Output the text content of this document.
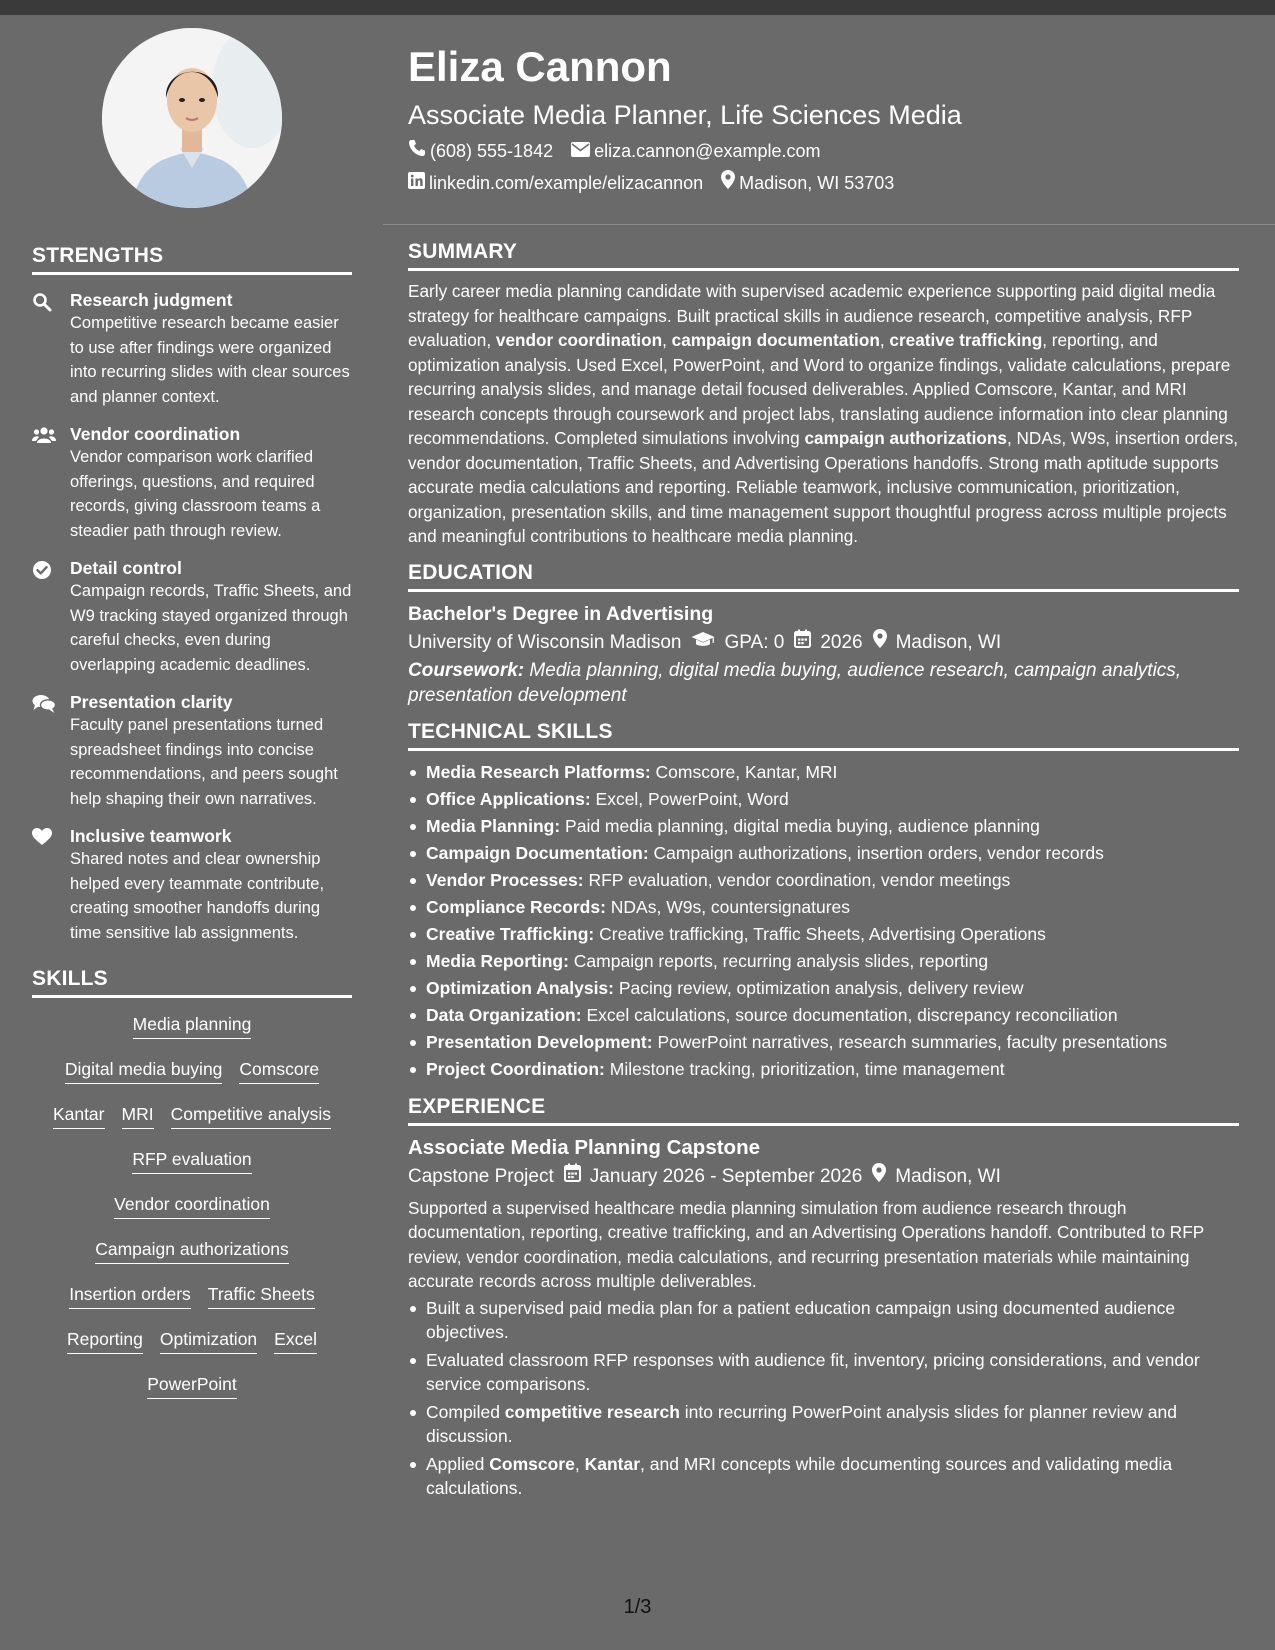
STRENGTHS
Research judgment
Competitive research became easier to use after findings were organized into recurring slides with clear sources and planner context.
Vendor coordination
Vendor comparison work clarified offerings, questions, and required records, giving classroom teams a steadier path through review.
Detail control
Campaign records, Traffic Sheets, and W9 tracking stayed organized through careful checks, even during overlapping academic deadlines.
Presentation clarity
Faculty panel presentations turned spreadsheet findings into concise recommendations, and peers sought help shaping their own narratives.
Inclusive teamwork
Shared notes and clear ownership helped every teammate contribute, creating smoother handoffs during time sensitive lab assignments.
SKILLS
Media planning
Digital media buying Comscore
Kantar MRI Competitive analysis
RFP evaluation
Vendor coordination
Campaign authorizations
Insertion orders Traffic Sheets
Reporting Optimization Excel
PowerPoint
Eliza Cannon
Associate Media Planner, Life Sciences Media
(608) 555-1842 eliza.cannon@example.com
linkedin.com/example/elizacannon Madison, WI 53703
SUMMARY
Early career media planning candidate with supervised academic experience supporting paid digital media strategy for healthcare campaigns. Built practical skills in audience research, competitive analysis, RFP evaluation, vendor coordination, campaign documentation, creative trafficking, reporting, and optimization analysis. Used Excel, PowerPoint, and Word to organize findings, validate calculations, prepare recurring analysis slides, and manage detail focused deliverables. Applied Comscore, Kantar, and MRI research concepts through coursework and project labs, translating audience information into clear planning recommendations. Completed simulations involving campaign authorizations, NDAs, W9s, insertion orders, vendor documentation, Traffic Sheets, and Advertising Operations handoffs. Strong math aptitude supports accurate media calculations and reporting. Reliable teamwork, inclusive communication, prioritization, organization, presentation skills, and time management support thoughtful progress across multiple projects and meaningful contributions to healthcare media planning.
EDUCATION
Bachelor's Degree in Advertising
University of Wisconsin Madison GPA: 0 2026 Madison, WI
Coursework: Media planning, digital media buying, audience research, campaign analytics, presentation development
TECHNICAL SKILLS
Media Research Platforms: Comscore, Kantar, MRI
Office Applications: Excel, PowerPoint, Word
Media Planning: Paid media planning, digital media buying, audience planning
Campaign Documentation: Campaign authorizations, insertion orders, vendor records
Vendor Processes: RFP evaluation, vendor coordination, vendor meetings
Compliance Records: NDAs, W9s, countersignatures
Creative Trafficking: Creative trafficking, Traffic Sheets, Advertising Operations
Media Reporting: Campaign reports, recurring analysis slides, reporting
Optimization Analysis: Pacing review, optimization analysis, delivery review
Data Organization: Excel calculations, source documentation, discrepancy reconciliation
Presentation Development: PowerPoint narratives, research summaries, faculty presentations
Project Coordination: Milestone tracking, prioritization, time management
EXPERIENCE
Associate Media Planning Capstone
Capstone Project January 2026 - September 2026 Madison, WI
Supported a supervised healthcare media planning simulation from audience research through documentation, reporting, creative trafficking, and an Advertising Operations handoff. Contributed to RFP review, vendor coordination, media calculations, and recurring presentation materials while maintaining accurate records across multiple deliverables.
Built a supervised paid media plan for a patient education campaign using documented audience objectives.
Evaluated classroom RFP responses with audience fit, inventory, pricing considerations, and vendor service comparisons.
Compiled competitive research into recurring PowerPoint analysis slides for planner review and discussion.
Applied Comscore, Kantar, and MRI concepts while documenting sources and validating media calculations.
1/3
